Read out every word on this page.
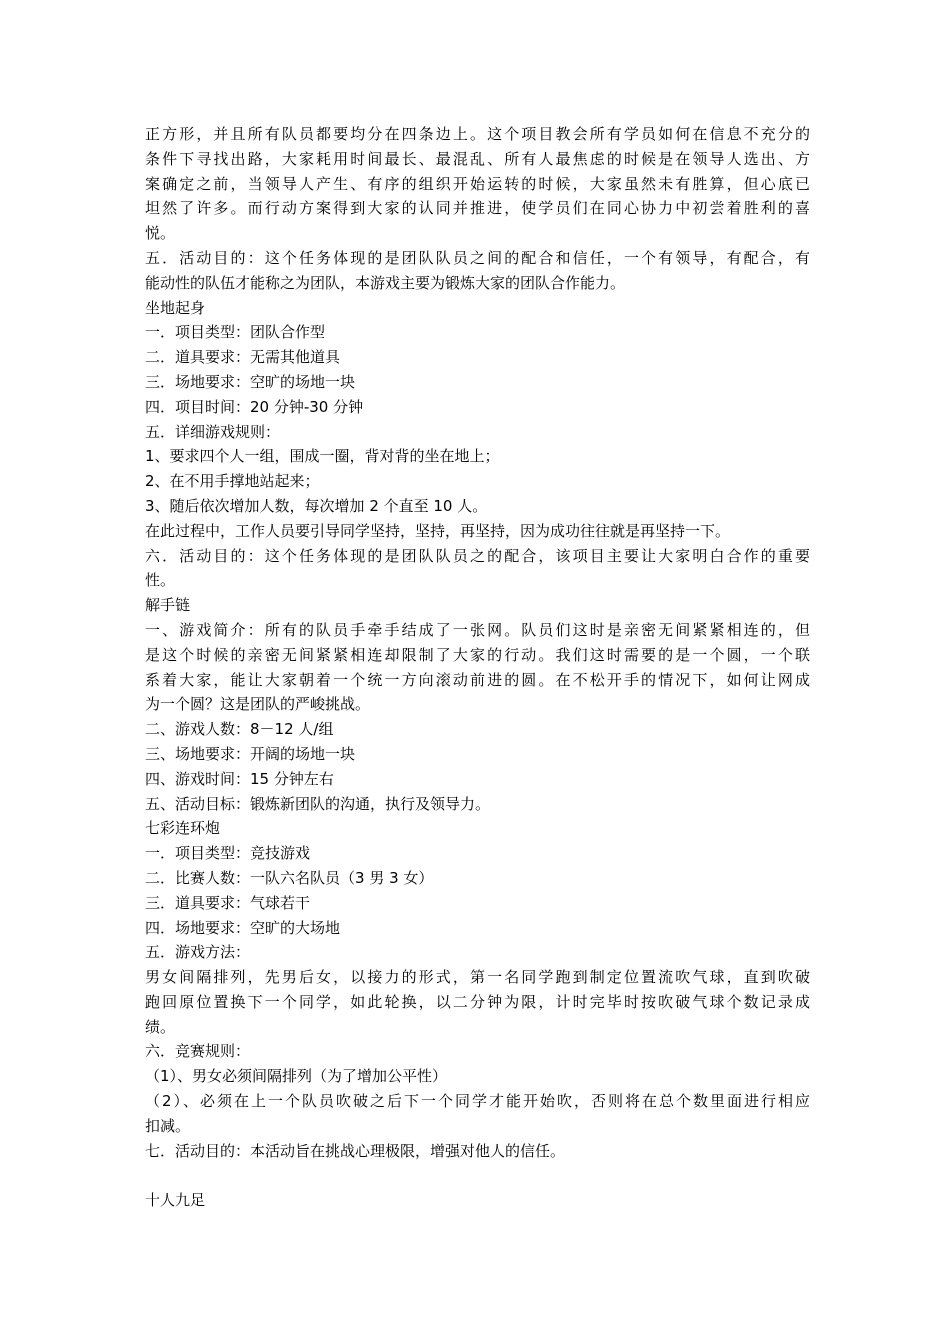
正方形，并且所有队员都要均分在四条边上。这个项目教会所有学员如何在信息不充分的
条件下寻找出路，大家耗用时间最长、最混乱、所有人最焦虑的时候是在领导人选出、方
案确定之前，当领导人产生、有序的组织开始运转的时候，大家虽然未有胜算，但心底已
坦然了许多。而行动方案得到大家的认同并推进，使学员们在同心协力中初尝着胜利的喜
悦。
五．活动目的：这个任务体现的是团队队员之间的配合和信任，一个有领导，有配合，有
能动性的队伍才能称之为团队，本游戏主要为锻炼大家的团队合作能力。
坐地起身
一．项目类型：团队合作型
二．道具要求：无需其他道具
三．场地要求：空旷的场地一块
四．项目时间：20 分钟-30 分钟
五．详细游戏规则：
1、要求四个人一组，围成一圈，背对背的坐在地上；
2、在不用手撑地站起来；
3、随后依次增加人数，每次增加 2 个直至 10 人。
在此过程中，工作人员要引导同学坚持，坚持，再坚持，因为成功往往就是再坚持一下。
六．活动目的：这个任务体现的是团队队员之的配合，该项目主要让大家明白合作的重要
性。
解手链
一、游戏简介：所有的队员手牵手结成了一张网。队员们这时是亲密无间紧紧相连的，但
是这个时候的亲密无间紧紧相连却限制了大家的行动。我们这时需要的是一个圆，一个联
系着大家，能让大家朝着一个统一方向滚动前进的圆。在不松开手的情况下，如何让网成
为一个圆？这是团队的严峻挑战。
二、游戏人数：8－12 人/组
三、场地要求：开阔的场地一块
四、游戏时间：15 分钟左右
五、活动目标：锻炼新团队的沟通，执行及领导力。
七彩连环炮
一．项目类型：竞技游戏
二．比赛人数：一队六名队员（3 男 3 女）
三．道具要求：气球若干
四．场地要求：空旷的大场地
五．游戏方法：
男女间隔排列，先男后女，以接力的形式，第一名同学跑到制定位置流吹气球，直到吹破
跑回原位置换下一个同学，如此轮换，以二分钟为限，计时完毕时按吹破气球个数记录成
绩。
六．竞赛规则：
（1）、男女必须间隔排列（为了增加公平性）
（2）、必须在上一个队员吹破之后下一个同学才能开始吹，否则将在总个数里面进行相应
扣减。
七．活动目的：本活动旨在挑战心理极限，增强对他人的信任。

十人九足
